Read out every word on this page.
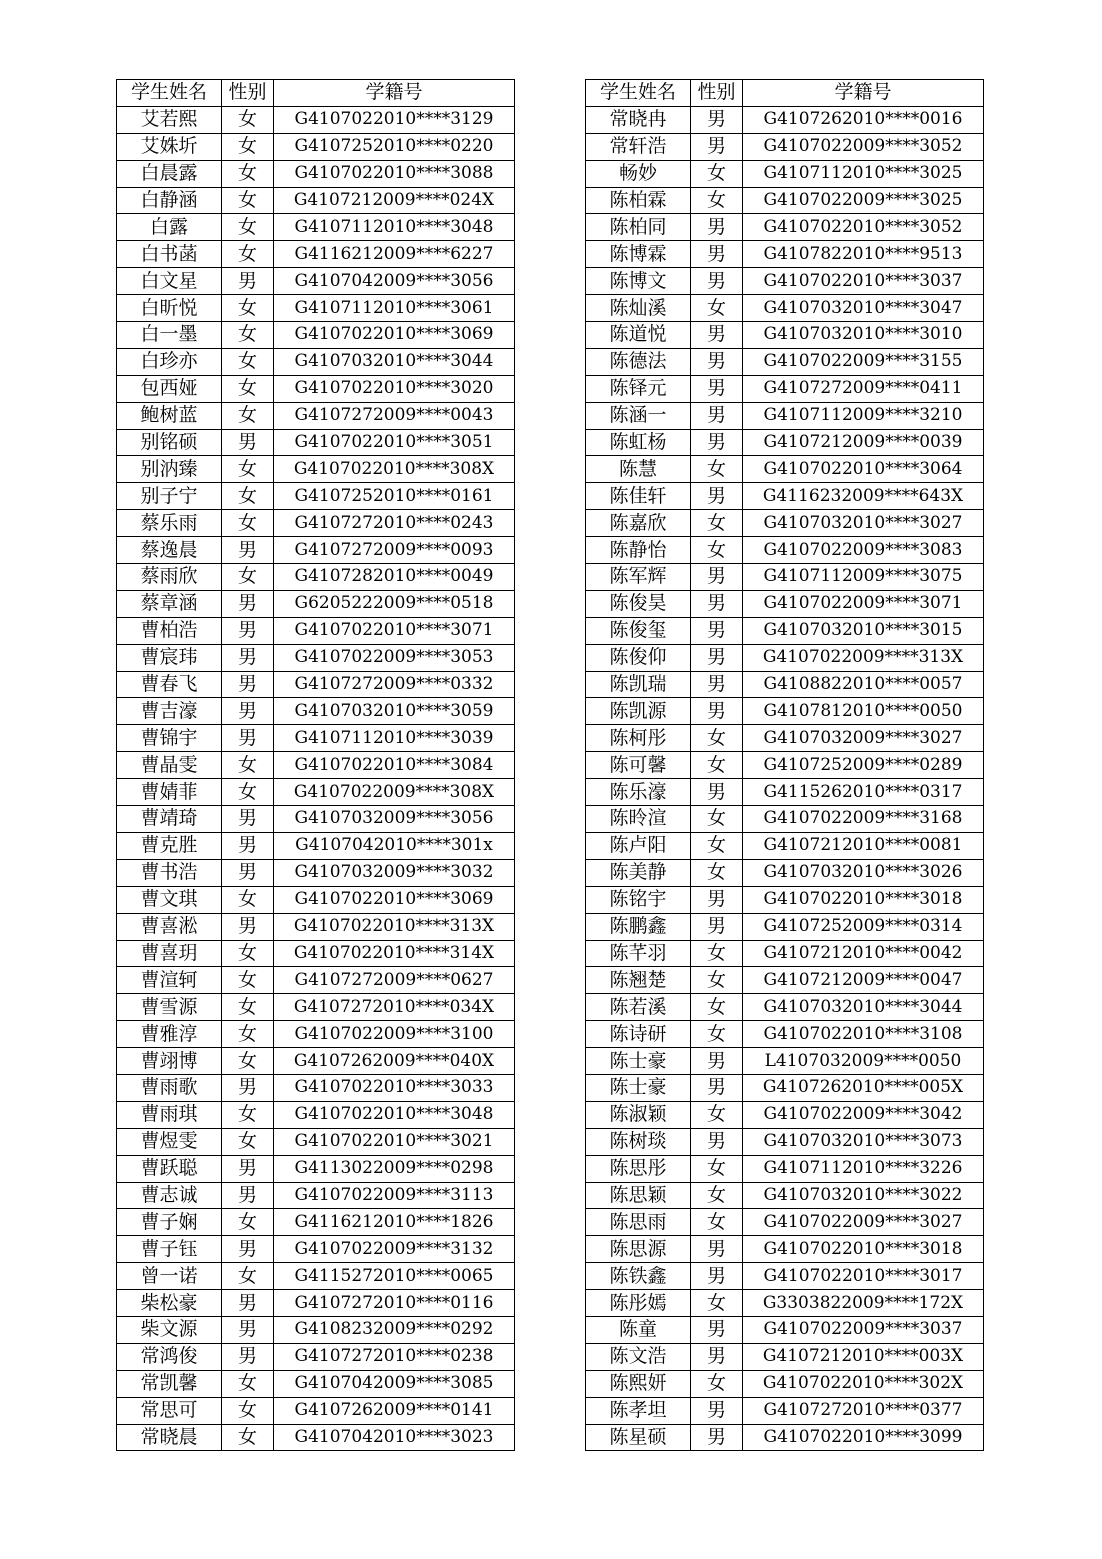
学生姓名	性别	学籍号
艾若熙	女	G4107022010****3129
艾姝圻	女	G4107252010****0220
白晨露	女	G4107022010****3088
白静涵	女	G4107212009****024X
白露	女	G4107112010****3048
白书菡	女	G4116212009****6227
白文星	男	G4107042009****3056
白昕悦	女	G4107112010****3061
白一墨	女	G4107022010****3069
白珍亦	女	G4107032010****3044
包西娅	女	G4107022010****3020
鲍树蓝	女	G4107272009****0043
别铭硕	男	G4107022010****3051
别汭臻	女	G4107022010****308X
别子宁	女	G4107252010****0161
蔡乐雨	女	G4107272010****0243
蔡逸晨	男	G4107272009****0093
蔡雨欣	女	G4107282010****0049
蔡章涵	男	G6205222009****0518
曹柏浩	男	G4107022010****3071
曹宸玮	男	G4107022009****3053
曹春飞	男	G4107272009****0332
曹吉濠	男	G4107032010****3059
曹锦宇	男	G4107112010****3039
曹晶雯	女	G4107022010****3084
曹婧菲	女	G4107022009****308X
曹靖琦	男	G4107032009****3056
曹克胜	男	G4107042010****301x
曹书浩	男	G4107032009****3032
曹文琪	女	G4107022010****3069
曹喜淞	男	G4107022010****313X
曹喜玥	女	G4107022010****314X
曹渲轲	女	G4107272009****0627
曹雪源	女	G4107272010****034X
曹雅淳	女	G4107022009****3100
曹翊博	女	G4107262009****040X
曹雨歌	男	G4107022010****3033
曹雨琪	女	G4107022010****3048
曹煜雯	女	G4107022010****3021
曹跃聪	男	G4113022009****0298
曹志诚	男	G4107022009****3113
曹子娴	女	G4116212010****1826
曹子钰	男	G4107022009****3132
曾一诺	女	G4115272010****0065
柴松豪	男	G4107272010****0116
柴文源	男	G4108232009****0292
常鸿俊	男	G4107272010****0238
常凯馨	女	G4107042009****3085
常思可	女	G4107262009****0141
常晓晨	女	G4107042010****3023
学生姓名	性别	学籍号
常晓冉	男	G4107262010****0016
常轩浩	男	G4107022009****3052
畅妙	女	G4107112010****3025
陈柏霖	女	G4107022009****3025
陈柏同	男	G4107022010****3052
陈博霖	男	G4107822010****9513
陈博文	男	G4107022010****3037
陈灿溪	女	G4107032010****3047
陈道悦	男	G4107032010****3010
陈德法	男	G4107022009****3155
陈铎元	男	G4107272009****0411
陈涵一	男	G4107112009****3210
陈虹杨	男	G4107212009****0039
陈慧	女	G4107022010****3064
陈佳轩	男	G4116232009****643X
陈嘉欣	女	G4107032010****3027
陈静怡	女	G4107022009****3083
陈军辉	男	G4107112009****3075
陈俊昊	男	G4107022009****3071
陈俊玺	男	G4107032010****3015
陈俊仰	男	G4107022009****313X
陈凯瑞	男	G4108822010****0057
陈凯源	男	G4107812010****0050
陈柯彤	女	G4107032009****3027
陈可馨	女	G4107252009****0289
陈乐濠	男	G4115262010****0317
陈昤渲	女	G4107022009****3168
陈卢阳	女	G4107212010****0081
陈美静	女	G4107032010****3026
陈铭宇	男	G4107022010****3018
陈鹏鑫	男	G4107252009****0314
陈芊羽	女	G4107212010****0042
陈翘楚	女	G4107212009****0047
陈若溪	女	G4107032010****3044
陈诗研	女	G4107022010****3108
陈士豪	男	L4107032009****0050
陈士豪	男	G4107262010****005X
陈淑颖	女	G4107022009****3042
陈树琰	男	G4107032010****3073
陈思彤	女	G4107112010****3226
陈思颖	女	G4107032010****3022
陈思雨	女	G4107022009****3027
陈思源	男	G4107022010****3018
陈铁鑫	男	G4107022010****3017
陈彤嫣	女	G3303822009****172X
陈童	男	G4107022009****3037
陈文浩	男	G4107212010****003X
陈熙妍	女	G4107022010****302X
陈孝坦	男	G4107272010****0377
陈星硕	男	G4107022010****3099
